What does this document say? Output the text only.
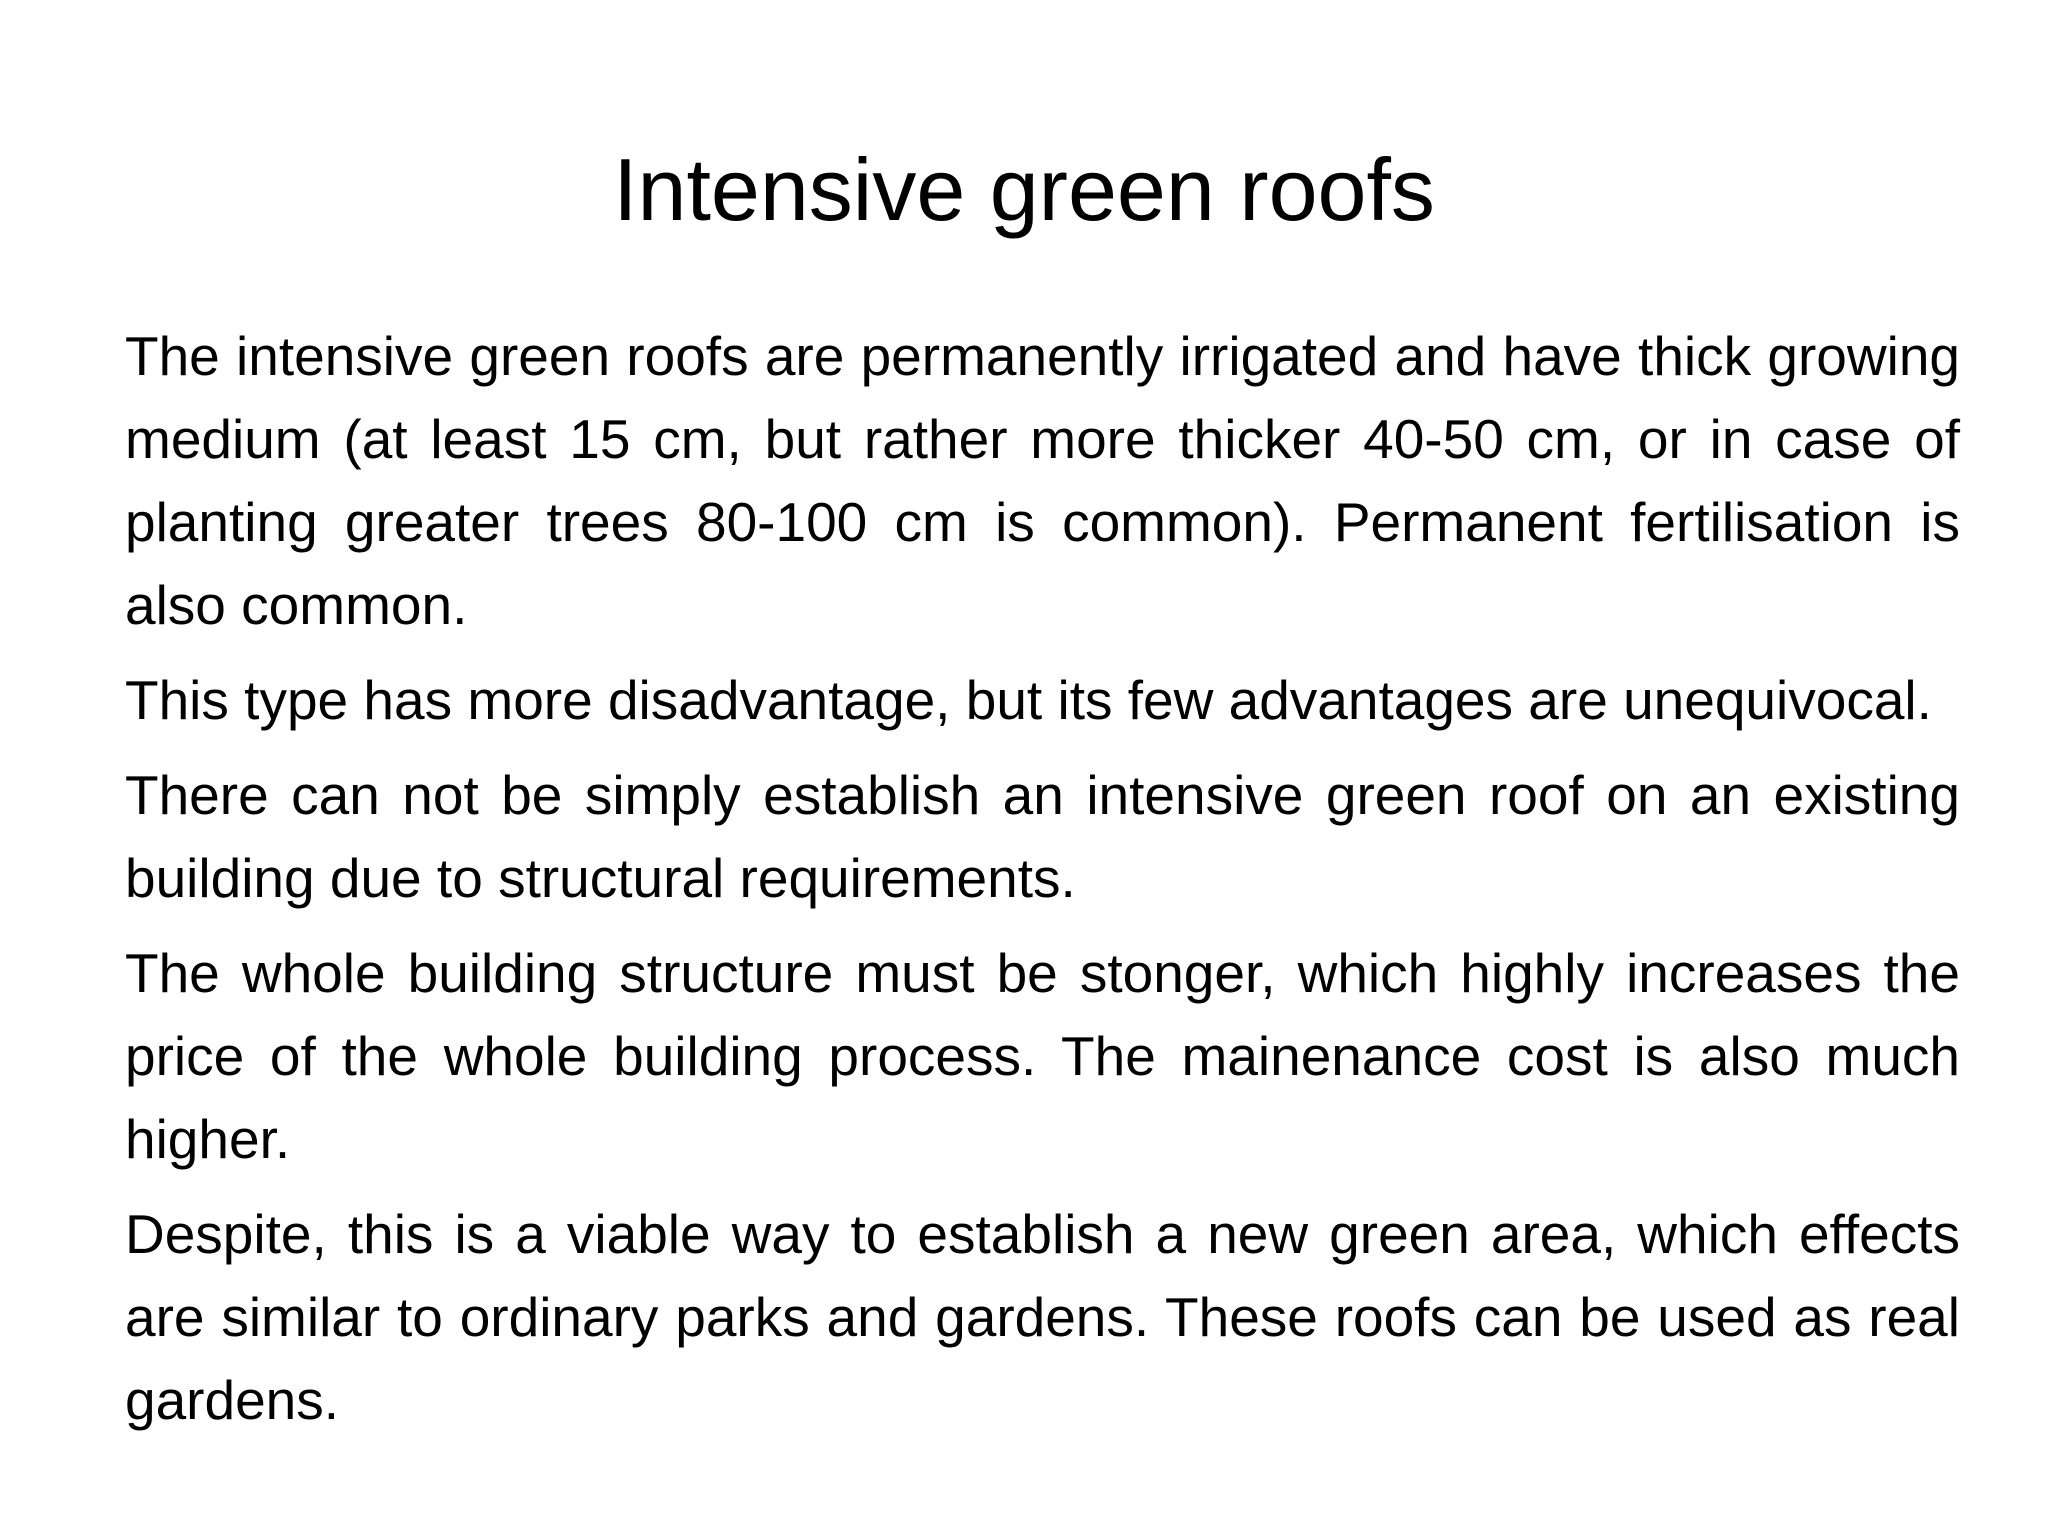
Intensive green roofs

The intensive green roofs are permanently irrigated and have thick growing medium (at least 15 cm, but rather more thicker 40-50 cm, or in case of planting greater trees 80-100 cm is common). Permanent fertilisation is also common.

This type has more disadvantage, but its few advantages are unequivocal.

There can not be simply establish an intensive green roof on an existing building due to structural requirements.

The whole building structure must be stonger, which highly increases the price of the whole building process. The mainenance cost is also much higher.

Despite, this is a viable way to establish a new green area, which effects are similar to ordinary parks and gardens. These roofs can be used as real gardens.
